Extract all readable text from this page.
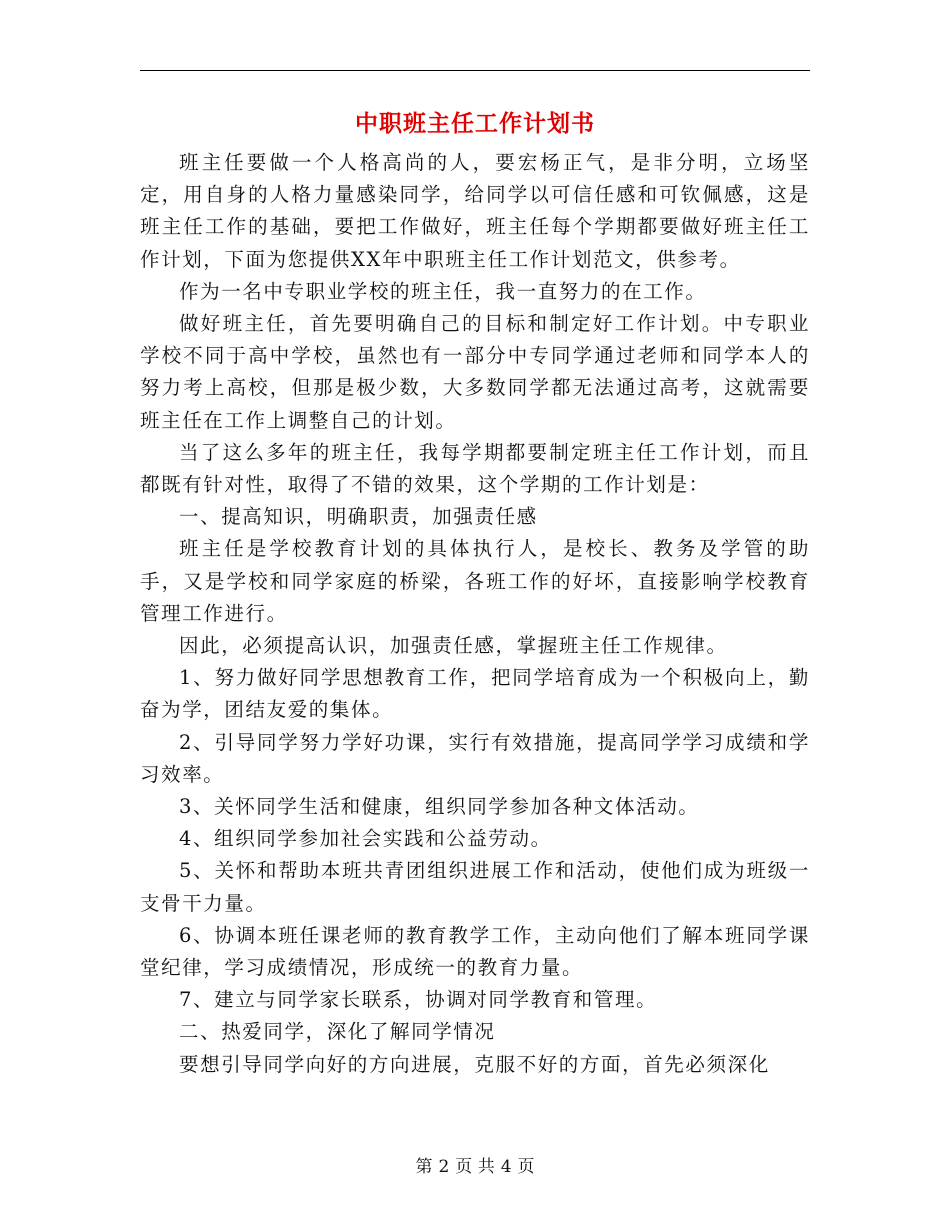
中职班主任工作计划书

班主任要做一个人格高尚的人，要宏杨正气，是非分明，立场坚定，用自身的人格力量感染同学，给同学以可信任感和可钦佩感，这是班主任工作的基础，要把工作做好，班主任每个学期都要做好班主任工作计划，下面为您提供XX年中职班主任工作计划范文，供参考。

作为一名中专职业学校的班主任，我一直努力的在工作。

做好班主任，首先要明确自己的目标和制定好工作计划。中专职业学校不同于高中学校，虽然也有一部分中专同学通过老师和同学本人的努力考上高校，但那是极少数，大多数同学都无法通过高考，这就需要班主任在工作上调整自己的计划。

当了这么多年的班主任，我每学期都要制定班主任工作计划，而且都既有针对性，取得了不错的效果，这个学期的工作计划是：

一、提高知识，明确职责，加强责任感

班主任是学校教育计划的具体执行人，是校长、教务及学管的助手，又是学校和同学家庭的桥梁，各班工作的好坏，直接影响学校教育管理工作进行。

因此，必须提高认识，加强责任感，掌握班主任工作规律。

1、努力做好同学思想教育工作，把同学培育成为一个积极向上，勤奋为学，团结友爱的集体。

2、引导同学努力学好功课，实行有效措施，提高同学学习成绩和学习效率。

3、关怀同学生活和健康，组织同学参加各种文体活动。

4、组织同学参加社会实践和公益劳动。

5、关怀和帮助本班共青团组织进展工作和活动，使他们成为班级一支骨干力量。

6、协调本班任课老师的教育教学工作，主动向他们了解本班同学课堂纪律，学习成绩情况，形成统一的教育力量。

7、建立与同学家长联系，协调对同学教育和管理。

二、热爱同学，深化了解同学情况

要想引导同学向好的方向进展，克服不好的方面，首先必须深化

第 2 页 共 4 页
